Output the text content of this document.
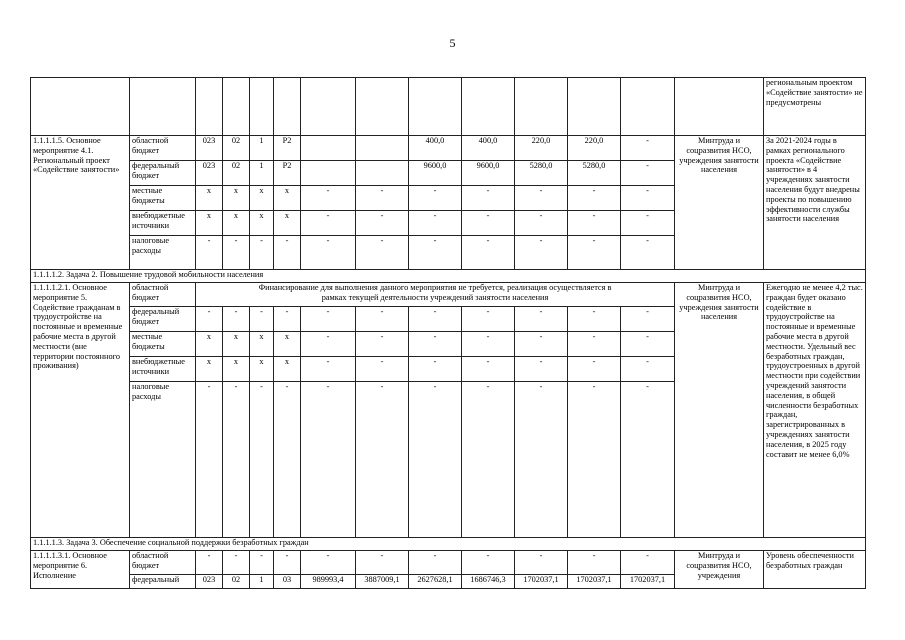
5
														региональным проектом «Содействие занятости» не предусмотрены
1.1.1.1.5. Основное мероприятие 4.1. Региональный проект «Содействие занятости»	областной бюджет	023	02	1	Р2			400,0	400,0	220,0	220,0	-	Минтруда и соцразвития НСО, учреждения занятости населения	За 2021-2024 годы в рамках регионального проекта «Содействие занятости» в 4 учреждениях занятости населения будут внедрены проекты по повышению эффективности службы занятости населения
	федеральный бюджет	023	02	1	Р2			9600,0	9600,0	5280,0	5280,0	-		
	местные бюджеты	х	х	х	х	-	-	-	-	-	-	-		
	внебюджетные источники	х	х	х	х	-	-	-	-	-	-	-		
	налоговые расходы	-	-	-	-	-	-	-	-	-	-	-		
1.1.1.1.2. Задача 2. Повышение трудовой мобильности населения														
1.1.1.1.2.1. Основное мероприятие 5. Содействие гражданам в трудоустройстве на постоянные и временные рабочие места в другой местности (вне территории постоянного проживания)	областной бюджет	Финансирование для выполнения данного мероприятия не требуется, реализация осуществляется в рамках текущей деятельности учреждений занятости населения											Минтруда и соцразвития НСО, учреждения занятости населения	Ежегодно не менее 4,2 тыс. граждан будет оказано содействие в трудоустройстве на постоянные и временные рабочие места в другой местности. Удельный вес безработных граждан, трудоустроенных в другой местности при содействии учреждений занятости населения, в общей численности безработных граждан, зарегистрированных в учреждениях занятости населения, в 2025 году составит не менее 6,0%
	федеральный бюджет	-	-	-	-	-	-	-	-	-	-	-		
	местные бюджеты	х	х	х	х	-	-	-	-	-	-	-		
	внебюджетные источники	х	х	х	х	-	-	-	-	-	-	-		
	налоговые расходы	-	-	-	-	-	-	-	-	-	-	-		
1.1.1.1.3. Задача 3. Обеспечение социальной поддержки безработных граждан														
1.1.1.1.3.1. Основное мероприятие 6. Исполнение	областной бюджет	-	-	-	-	-	-	-	-	-	-	-	Минтруда и соцразвития НСО, учреждения	Уровень обеспеченности безработных граждан
	федеральный	023	02	1	03	989993,4	3887009,1	2627628,1	1686746,3	1702037,1	1702037,1	1702037,1		
